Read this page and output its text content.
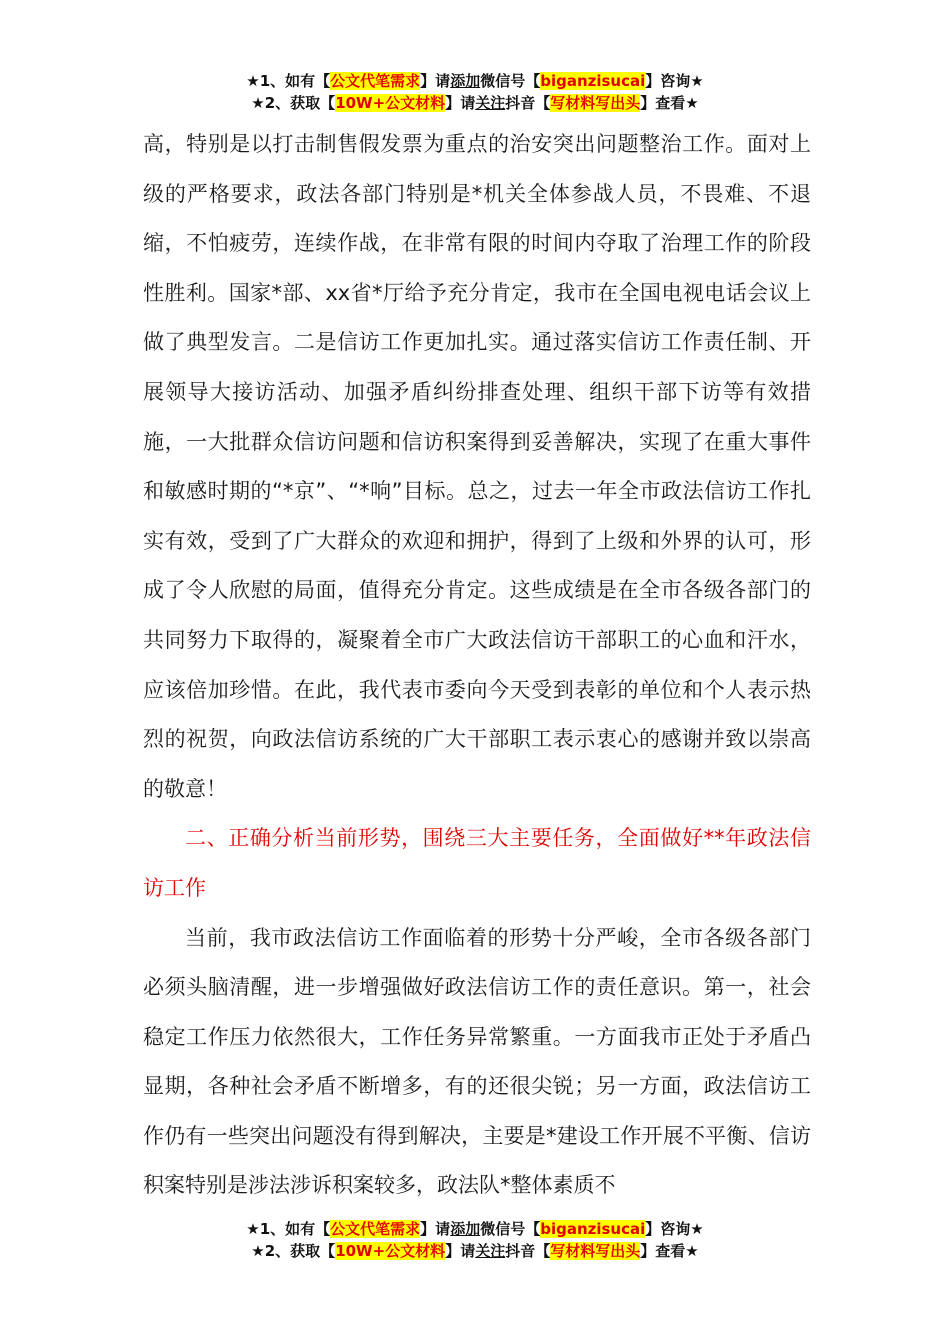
★1、如有【公文代笔需求】请添加微信号【biganzisucai】咨询★
★2、获取【10W+公文材料】请关注抖音【写材料写出头】查看★

高，特别是以打击制售假发票为重点的治安突出问题整治工作。面对上级的严格要求，政法各部门特别是*机关全体参战人员，不畏难、不退缩，不怕疲劳，连续作战，在非常有限的时间内夺取了治理工作的阶段性胜利。国家*部、xx省*厅给予充分肯定，我市在全国电视电话会议上做了典型发言。二是信访工作更加扎实。通过落实信访工作责任制、开展领导大接访活动、加强矛盾纠纷排查处理、组织干部下访等有效措施，一大批群众信访问题和信访积案得到妥善解决，实现了在重大事件和敏感时期的“*京”、“*响”目标。总之，过去一年全市政法信访工作扎实有效，受到了广大群众的欢迎和拥护，得到了上级和外界的认可，形成了令人欣慰的局面，值得充分肯定。这些成绩是在全市各级各部门的共同努力下取得的，凝聚着全市广大政法信访干部职工的心血和汗水，应该倍加珍惜。在此，我代表市委向今天受到表彰的单位和个人表示热烈的祝贺，向政法信访系统的广大干部职工表示衷心的感谢并致以崇高的敬意！

二、正确分析当前形势，围绕三大主要任务，全面做好**年政法信访工作

当前，我市政法信访工作面临着的形势十分严峻，全市各级各部门必须头脑清醒，进一步增强做好政法信访工作的责任意识。第一，社会稳定工作压力依然很大，工作任务异常繁重。一方面我市正处于矛盾凸显期，各种社会矛盾不断增多，有的还很尖锐；另一方面，政法信访工作仍有一些突出问题没有得到解决，主要是*建设工作开展不平衡、信访积案特别是涉法涉诉积案较多，政法队*整体素质不

★1、如有【公文代笔需求】请添加微信号【biganzisucai】咨询★
★2、获取【10W+公文材料】请关注抖音【写材料写出头】查看★
